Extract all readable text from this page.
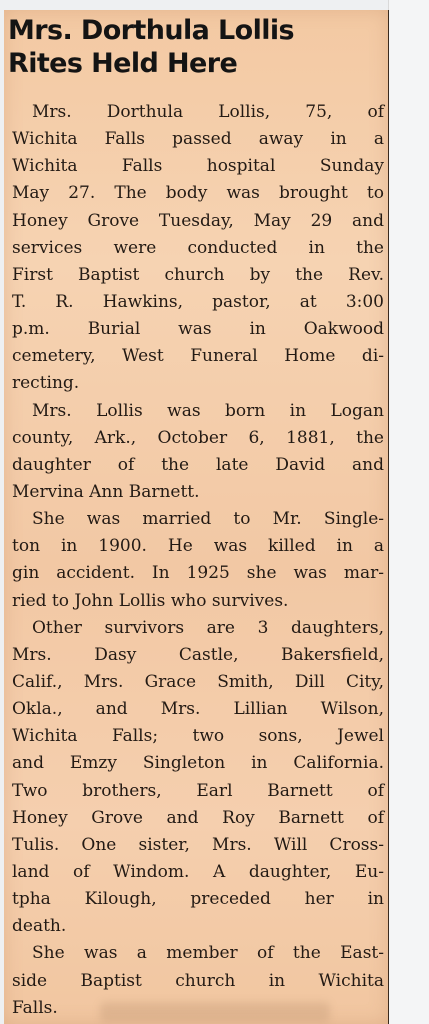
Mrs. Dorthula Lollis
Rites Held Here

Mrs. Dorthula Lollis, 75, of
Wichita Falls passed away in a
Wichita Falls hospital Sunday
May 27. The body was brought to
Honey Grove Tuesday, May 29 and
services were conducted in the
First Baptist church by the Rev.
T. R. Hawkins, pastor, at 3:00
p.m. Burial was in Oakwood
cemetery, West Funeral Home di-
recting.

Mrs. Lollis was born in Logan
county, Ark., October 6, 1881, the
daughter of the late David and
Mervina Ann Barnett.

She was married to Mr. Single-
ton in 1900. He was killed in a
gin accident. In 1925 she was mar-
ried to John Lollis who survives.

Other survivors are 3 daughters,
Mrs. Dasy Castle, Bakersfield,
Calif., Mrs. Grace Smith, Dill City,
Okla., and Mrs. Lillian Wilson,
Wichita Falls; two sons, Jewel
and Emzy Singleton in California.
Two brothers, Earl Barnett of
Honey Grove and Roy Barnett of
Tulis. One sister, Mrs. Will Cross-
land of Windom. A daughter, Eu-
tpha Kilough, preceded her in
death.

She was a member of the East-
side Baptist church in Wichita
Falls.
